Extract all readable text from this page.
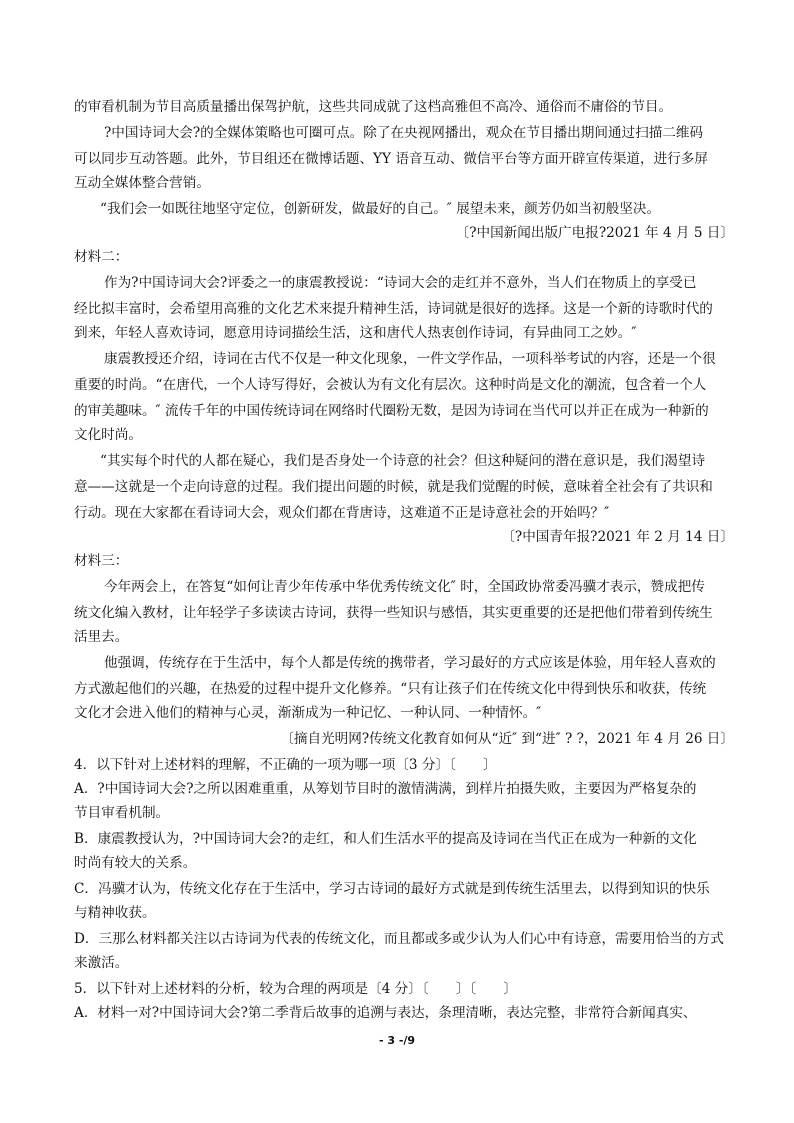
的审看机制为节目高质量播出保驾护航，这些共同成就了这档高雅但不高冷、通俗而不庸俗的节目。
?中国诗词大会?的全媒体策略也可圈可点。除了在央视网播出，观众在节目播出期间通过扫描二维码
可以同步互动答题。此外，节目组还在微博话题、YY 语音互动、微信平台等方面开辟宣传渠道，进行多屏
互动全媒体整合营销。
“我们会一如既往地坚守定位，创新研发，做最好的自己。″ 展望未来，颜芳仍如当初般坚决。
〔?中国新闻出版广电报?2021 年 4 月 5 日〕
材料二：
作为?中国诗词大会?评委之一的康震教授说：“诗词大会的走红并不意外，当人们在物质上的享受已
经比拟丰富时，会希望用高雅的文化艺术来提升精神生活，诗词就是很好的选择。这是一个新的诗歌时代的
到来，年轻人喜欢诗词，愿意用诗词描绘生活，这和唐代人热衷创作诗词，有异曲同工之妙。″
康震教授还介绍，诗词在古代不仅是一种文化现象，一件文学作品，一项科举考试的内容，还是一个很
重要的时尚。“在唐代，一个人诗写得好，会被认为有文化有层次。这种时尚是文化的潮流，包含着一个人
的审美趣味。″ 流传千年的中国传统诗词在网络时代圈粉无数，是因为诗词在当代可以并正在成为一种新的
文化时尚。
“其实每个时代的人都在疑心，我们是否身处一个诗意的社会？但这种疑问的潜在意识是，我们渴望诗
意——这就是一个走向诗意的过程。我们提出问题的时候，就是我们觉醒的时候，意味着全社会有了共识和
行动。现在大家都在看诗词大会，观众们都在背唐诗，这难道不正是诗意社会的开始吗？″
〔?中国青年报?2021 年 2 月 14 日〕
材料三：
今年两会上，在答复“如何让青少年传承中华优秀传统文化″ 时，全国政协常委冯骥才表示，赞成把传
统文化编入教材，让年轻学子多读读古诗词，获得一些知识与感悟，其实更重要的还是把他们带着到传统生
活里去。
他强调，传统存在于生活中，每个人都是传统的携带者，学习最好的方式应该是体验，用年轻人喜欢的
方式激起他们的兴趣，在热爱的过程中提升文化修养。“只有让孩子们在传统文化中得到快乐和收获，传统
文化才会进入他们的精神与心灵，渐渐成为一种记忆、一种认同、一种情怀。″
〔摘自光明网?传统文化教育如何从“近″ 到“进″ ? ?，2021 年 4 月 26 日〕
4．以下针对上述材料的理解，不正确的一项为哪一项〔3 分〕〔　　〕
A．?中国诗词大会?之所以困难重重，从筹划节目时的激情满满，到样片拍摄失败，主要因为严格复杂的
节目审看机制。
B．康震教授认为，?中国诗词大会?的走红，和人们生活水平的提高及诗词在当代正在成为一种新的文化
时尚有较大的关系。
C．冯骥才认为，传统文化存在于生活中，学习古诗词的最好方式就是到传统生活里去，以得到知识的快乐
与精神收获。
D．三那么材料都关注以古诗词为代表的传统文化，而且都或多或少认为人们心中有诗意，需要用恰当的方式
来激活。
5．以下针对上述材料的分析，较为合理的两项是〔4 分〕〔　　〕〔　　〕
A．材料一对?中国诗词大会?第二季背后故事的追溯与表达，条理清晰，表达完整，非常符合新闻真实、
- 3 -/9
